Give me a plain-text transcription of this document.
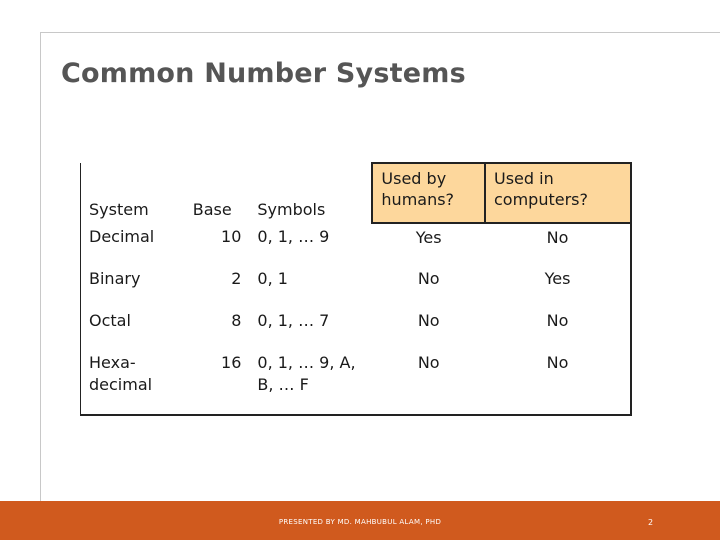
Common Number Systems
System	Base	Symbols	Used by humans?	Used in computers?
Decimal	10	0, 1, … 9	Yes	No
Binary	2	0, 1	No	Yes
Octal	8	0, 1, … 7	No	No
Hexa-decimal	16	0, 1, … 9, A, B, … F	No	No
PRESENTED BY MD. MAHBUBUL ALAM, PHD	2
